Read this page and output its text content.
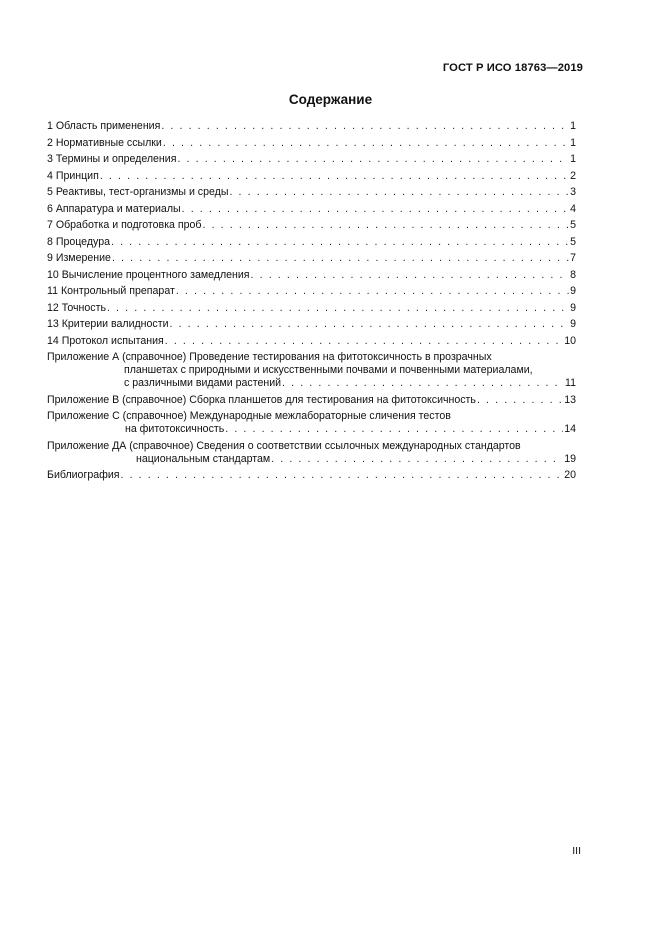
ГОСТ Р ИСО 18763—2019
Содержание
1 Область применения . . .	1
2 Нормативные ссылки . . .	1
3 Термины и определения . . .	1
4 Принцип . . .	2
5 Реактивы, тест-организмы и среды . . .	3
6 Аппаратура и материалы . . .	4
7 Обработка и подготовка проб . . .	5
8 Процедура . . .	5
9 Измерение . . .	7
10 Вычисление процентного замедления . . .	8
11 Контрольный препарат . . .	9
12 Точность . . .	9
13 Критерии валидности . . .	9
14 Протокол испытания . . .	10
Приложение А (справочное) Проведение тестирования на фитотоксичность в прозрачных
планшетах с природными и искусственными почвами и почвенными материалами,
с различными видами растений . . .	11
Приложение В (справочное) Сборка планшетов для тестирования на фитотоксичность . . .	13
Приложение С (справочное) Международные межлабораторные сличения тестов
на фитотоксичность . . .	14
Приложение ДА (справочное) Сведения о соответствии ссылочных международных стандартов
национальным стандартам . . .	19
Библиография . . .	20
III
